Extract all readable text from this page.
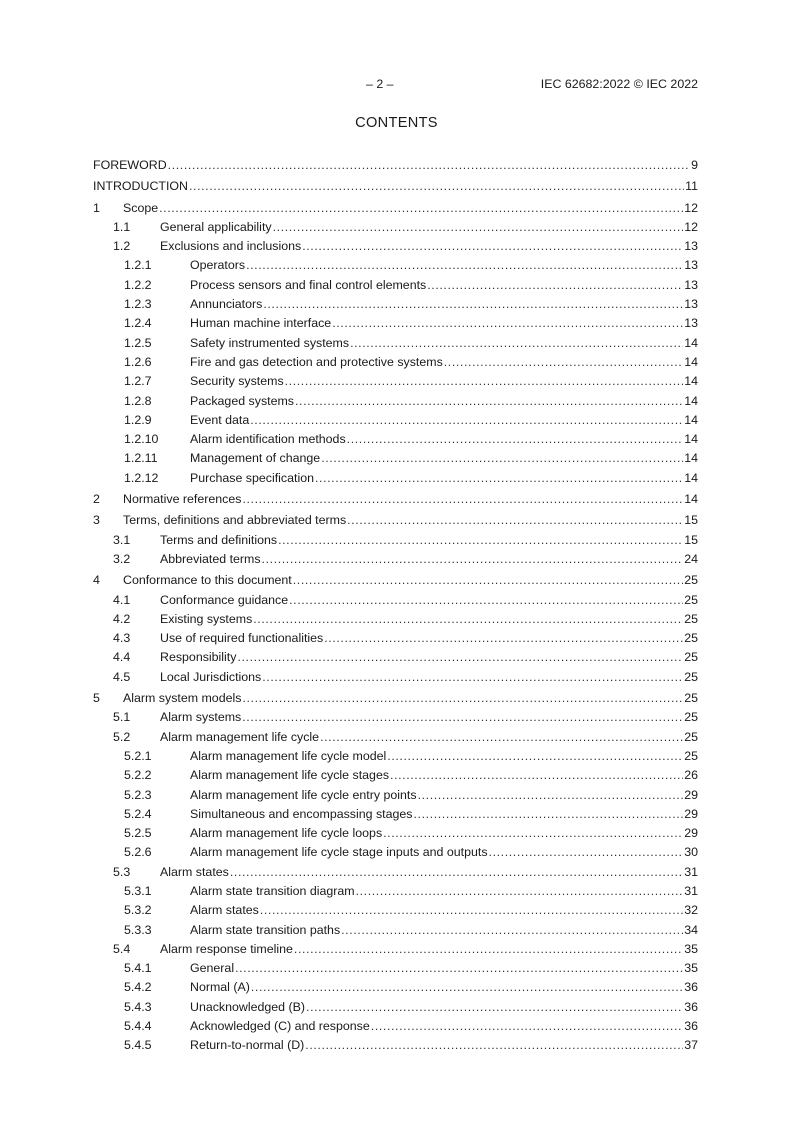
– 2 –	IEC 62682:2022 © IEC 2022
CONTENTS
FOREWORD .....	9
INTRODUCTION .....	11
1	Scope .....	12
1.1	General applicability .....	12
1.2	Exclusions and inclusions .....	13
1.2.1	Operators .....	13
1.2.2	Process sensors and final control elements .....	13
1.2.3	Annunciators .....	13
1.2.4	Human machine interface .....	13
1.2.5	Safety instrumented systems .....	14
1.2.6	Fire and gas detection and protective systems .....	14
1.2.7	Security systems .....	14
1.2.8	Packaged systems .....	14
1.2.9	Event data .....	14
1.2.10	Alarm identification methods .....	14
1.2.11	Management of change .....	14
1.2.12	Purchase specification .....	14
2	Normative references .....	14
3	Terms, definitions and abbreviated terms .....	15
3.1	Terms and definitions .....	15
3.2	Abbreviated terms .....	24
4	Conformance to this document .....	25
4.1	Conformance guidance .....	25
4.2	Existing systems .....	25
4.3	Use of required functionalities .....	25
4.4	Responsibility .....	25
4.5	Local Jurisdictions .....	25
5	Alarm system models .....	25
5.1	Alarm systems .....	25
5.2	Alarm management life cycle .....	25
5.2.1	Alarm management life cycle model .....	25
5.2.2	Alarm management life cycle stages .....	26
5.2.3	Alarm management life cycle entry points .....	29
5.2.4	Simultaneous and encompassing stages .....	29
5.2.5	Alarm management life cycle loops .....	29
5.2.6	Alarm management life cycle stage inputs and outputs .....	30
5.3	Alarm states .....	31
5.3.1	Alarm state transition diagram .....	31
5.3.2	Alarm states .....	32
5.3.3	Alarm state transition paths .....	34
5.4	Alarm response timeline .....	35
5.4.1	General .....	35
5.4.2	Normal (A) .....	36
5.4.3	Unacknowledged (B) .....	36
5.4.4	Acknowledged (C) and response .....	36
5.4.5	Return-to-normal (D) .....	37
